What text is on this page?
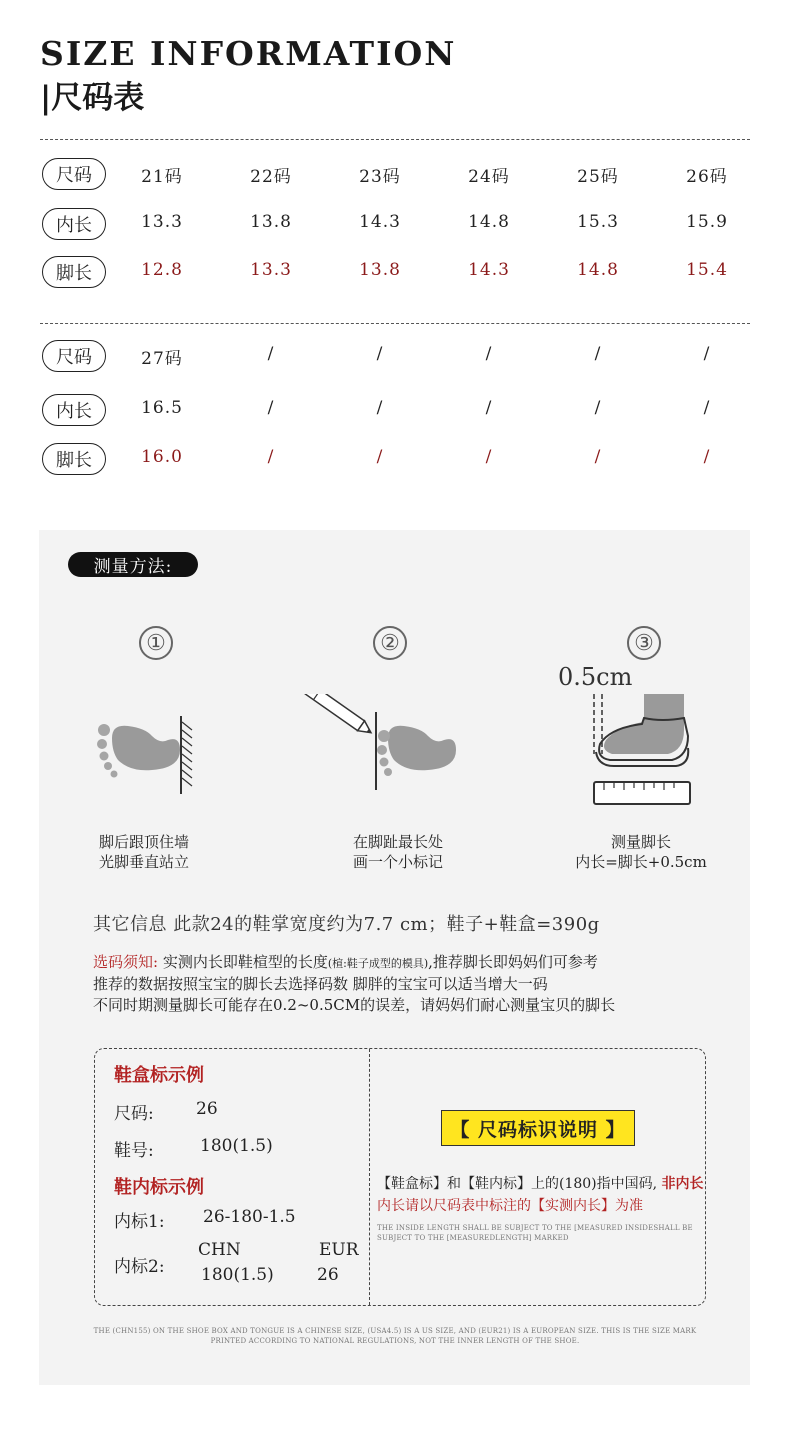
SIZE INFORMATION
|尺码表
尺码	21码	22码	23码	24码	25码	26码
内长	13.3	13.8	14.3	14.8	15.3	15.9
脚长	12.8	13.3	13.8	14.3	14.8	15.4
尺码	27码	/	/	/	/	/
内长	16.5	/	/	/	/	/
脚长	16.0	/	/	/	/	/
测量方法:
①
脚后跟顶住墙
光脚垂直站立
②
在脚趾最长处
画一个小标记
③
0.5cm
测量脚长
内长=脚长+0.5cm
其它信息 此款24的鞋掌宽度约为7.7 cm；鞋子+鞋盒=390g
选码须知: 实测内长即鞋楦型的长度(楦:鞋子成型的模具),推荐脚长即妈妈们可参考
推荐的数据按照宝宝的脚长去选择码数 脚胖的宝宝可以适当增大一码
不同时期测量脚长可能存在0.2~0.5CM的误差，请妈妈们耐心测量宝贝的脚长
鞋盒标示例
尺码: 26
鞋号:	180(1.5)
鞋内标示例
内标1: 26-180-1.5
内标2:
CHN	EUR
180(1.5)	26
【 尺码标识说明 】
【鞋盒标】和【鞋内标】上的(180)指中国码, 非内长
内长请以尺码表中标注的【实测内长】为准
THE INSIDE LENGTH SHALL BE SUBJECT TO THE [MEASURED INSIDESHALL BE SUBJECT TO THE [MEASUREDLENGTH] MARKED
THE (CHN155) ON THE SHOE BOX AND TONGUE IS A CHINESE SIZE, (USA4.5) IS A US SIZE, AND (EUR21) IS A EUROPEAN SIZE. THIS IS THE SIZE MARK
PRINTED ACCORDING TO NATIONAL REGULATIONS, NOT THE INNER LENGTH OF THE SHOE.
